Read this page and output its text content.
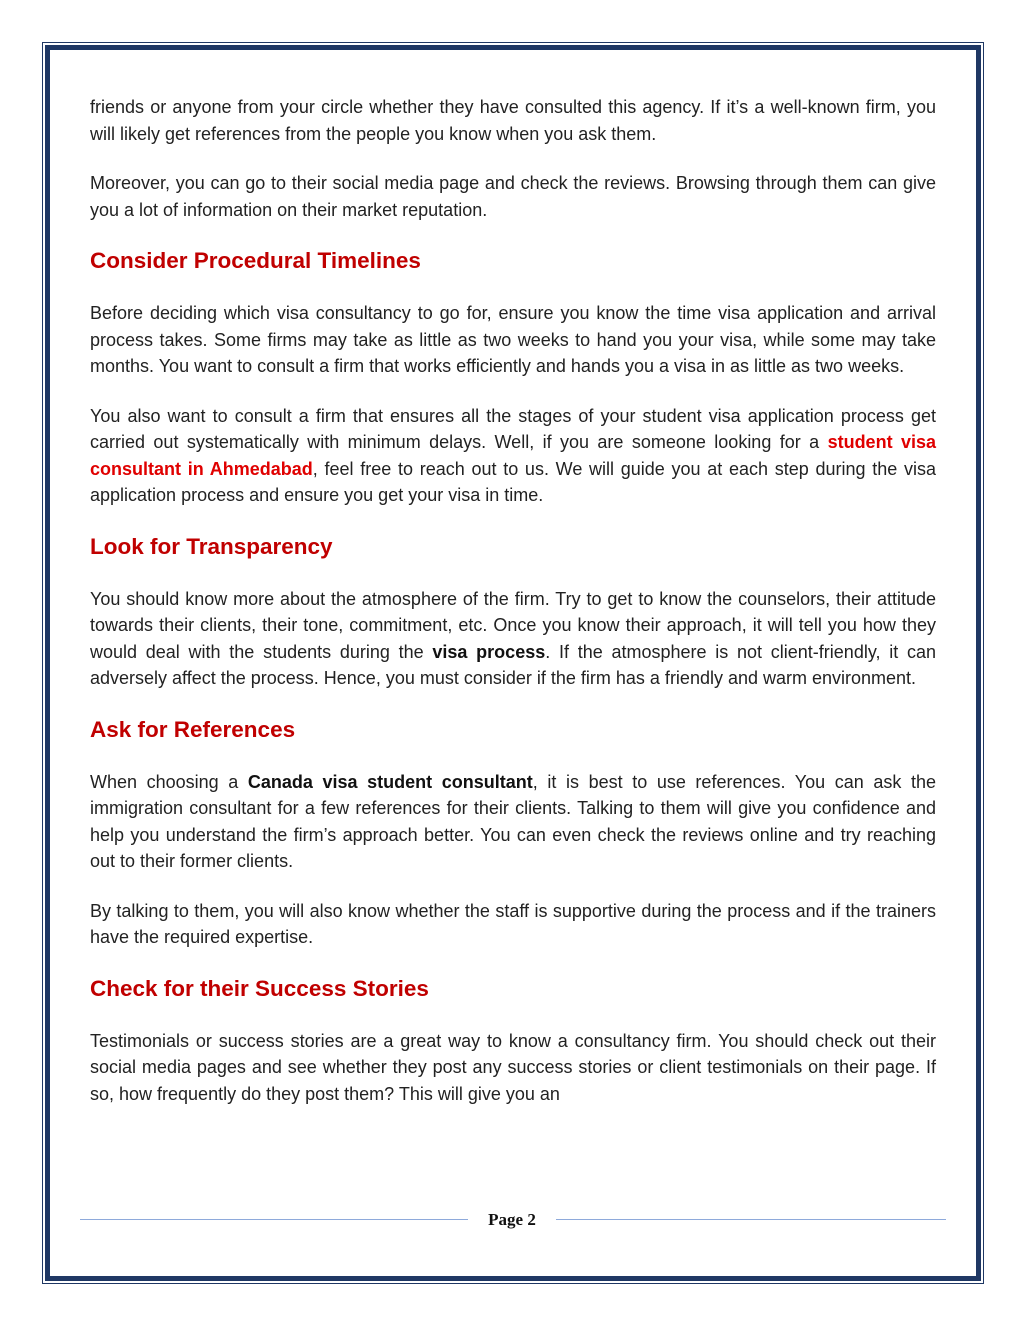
friends or anyone from your circle whether they have consulted this agency. If it’s a well-known firm, you will likely get references from the people you know when you ask them.

Moreover, you can go to their social media page and check the reviews. Browsing through them can give you a lot of information on their market reputation.

Consider Procedural Timelines

Before deciding which visa consultancy to go for, ensure you know the time visa application and arrival process takes. Some firms may take as little as two weeks to hand you your visa, while some may take months. You want to consult a firm that works efficiently and hands you a visa in as little as two weeks.

You also want to consult a firm that ensures all the stages of your student visa application process get carried out systematically with minimum delays. Well, if you are someone looking for a student visa consultant in Ahmedabad, feel free to reach out to us. We will guide you at each step during the visa application process and ensure you get your visa in time.

Look for Transparency

You should know more about the atmosphere of the firm. Try to get to know the counselors, their attitude towards their clients, their tone, commitment, etc. Once you know their approach, it will tell you how they would deal with the students during the visa process. If the atmosphere is not client-friendly, it can adversely affect the process. Hence, you must consider if the firm has a friendly and warm environment.

Ask for References

When choosing a Canada visa student consultant, it is best to use references. You can ask the immigration consultant for a few references for their clients. Talking to them will give you confidence and help you understand the firm’s approach better. You can even check the reviews online and try reaching out to their former clients.

By talking to them, you will also know whether the staff is supportive during the process and if the trainers have the required expertise.

Check for their Success Stories

Testimonials or success stories are a great way to know a consultancy firm. You should check out their social media pages and see whether they post any success stories or client testimonials on their page. If so, how frequently do they post them? This will give you an

Page 2
